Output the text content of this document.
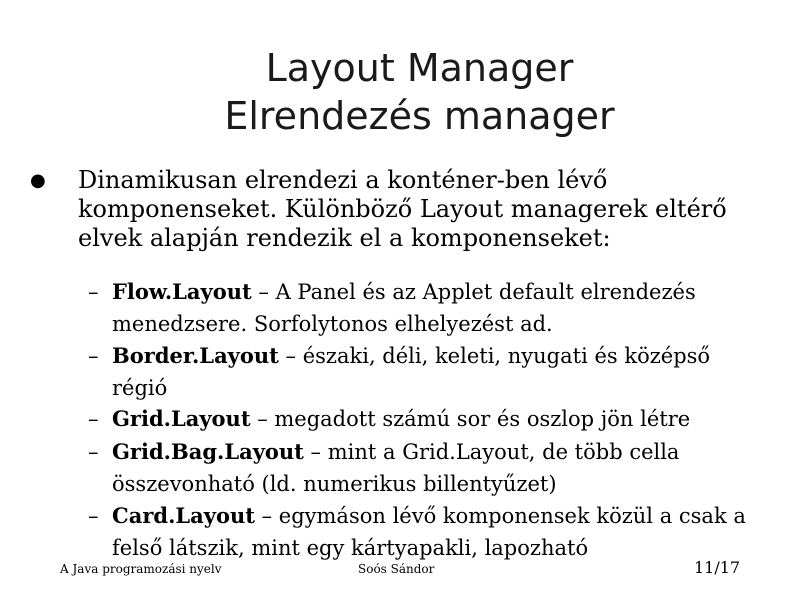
Layout Manager
Elrendezés manager
● Dinamikusan elrendezi a konténer-ben lévő komponenseket. Különböző Layout managerek eltérő elvek alapján rendezik el a komponenseket:
– Flow.Layout – A Panel és az Applet default elrendezés menedzsere. Sorfolytonos elhelyezést ad.
– Border.Layout – északi, déli, keleti, nyugati és középső régió
– Grid.Layout – megadott számú sor és oszlop jön létre
– Grid.Bag.Layout – mint a Grid.Layout, de több cella összevonható (ld. numerikus billentyűzet)
– Card.Layout – egymáson lévő komponensek közül a csak a felső látszik, mint egy kártyapakli, lapozható
A Java programozási nyelv	Soós Sándor	11/17
